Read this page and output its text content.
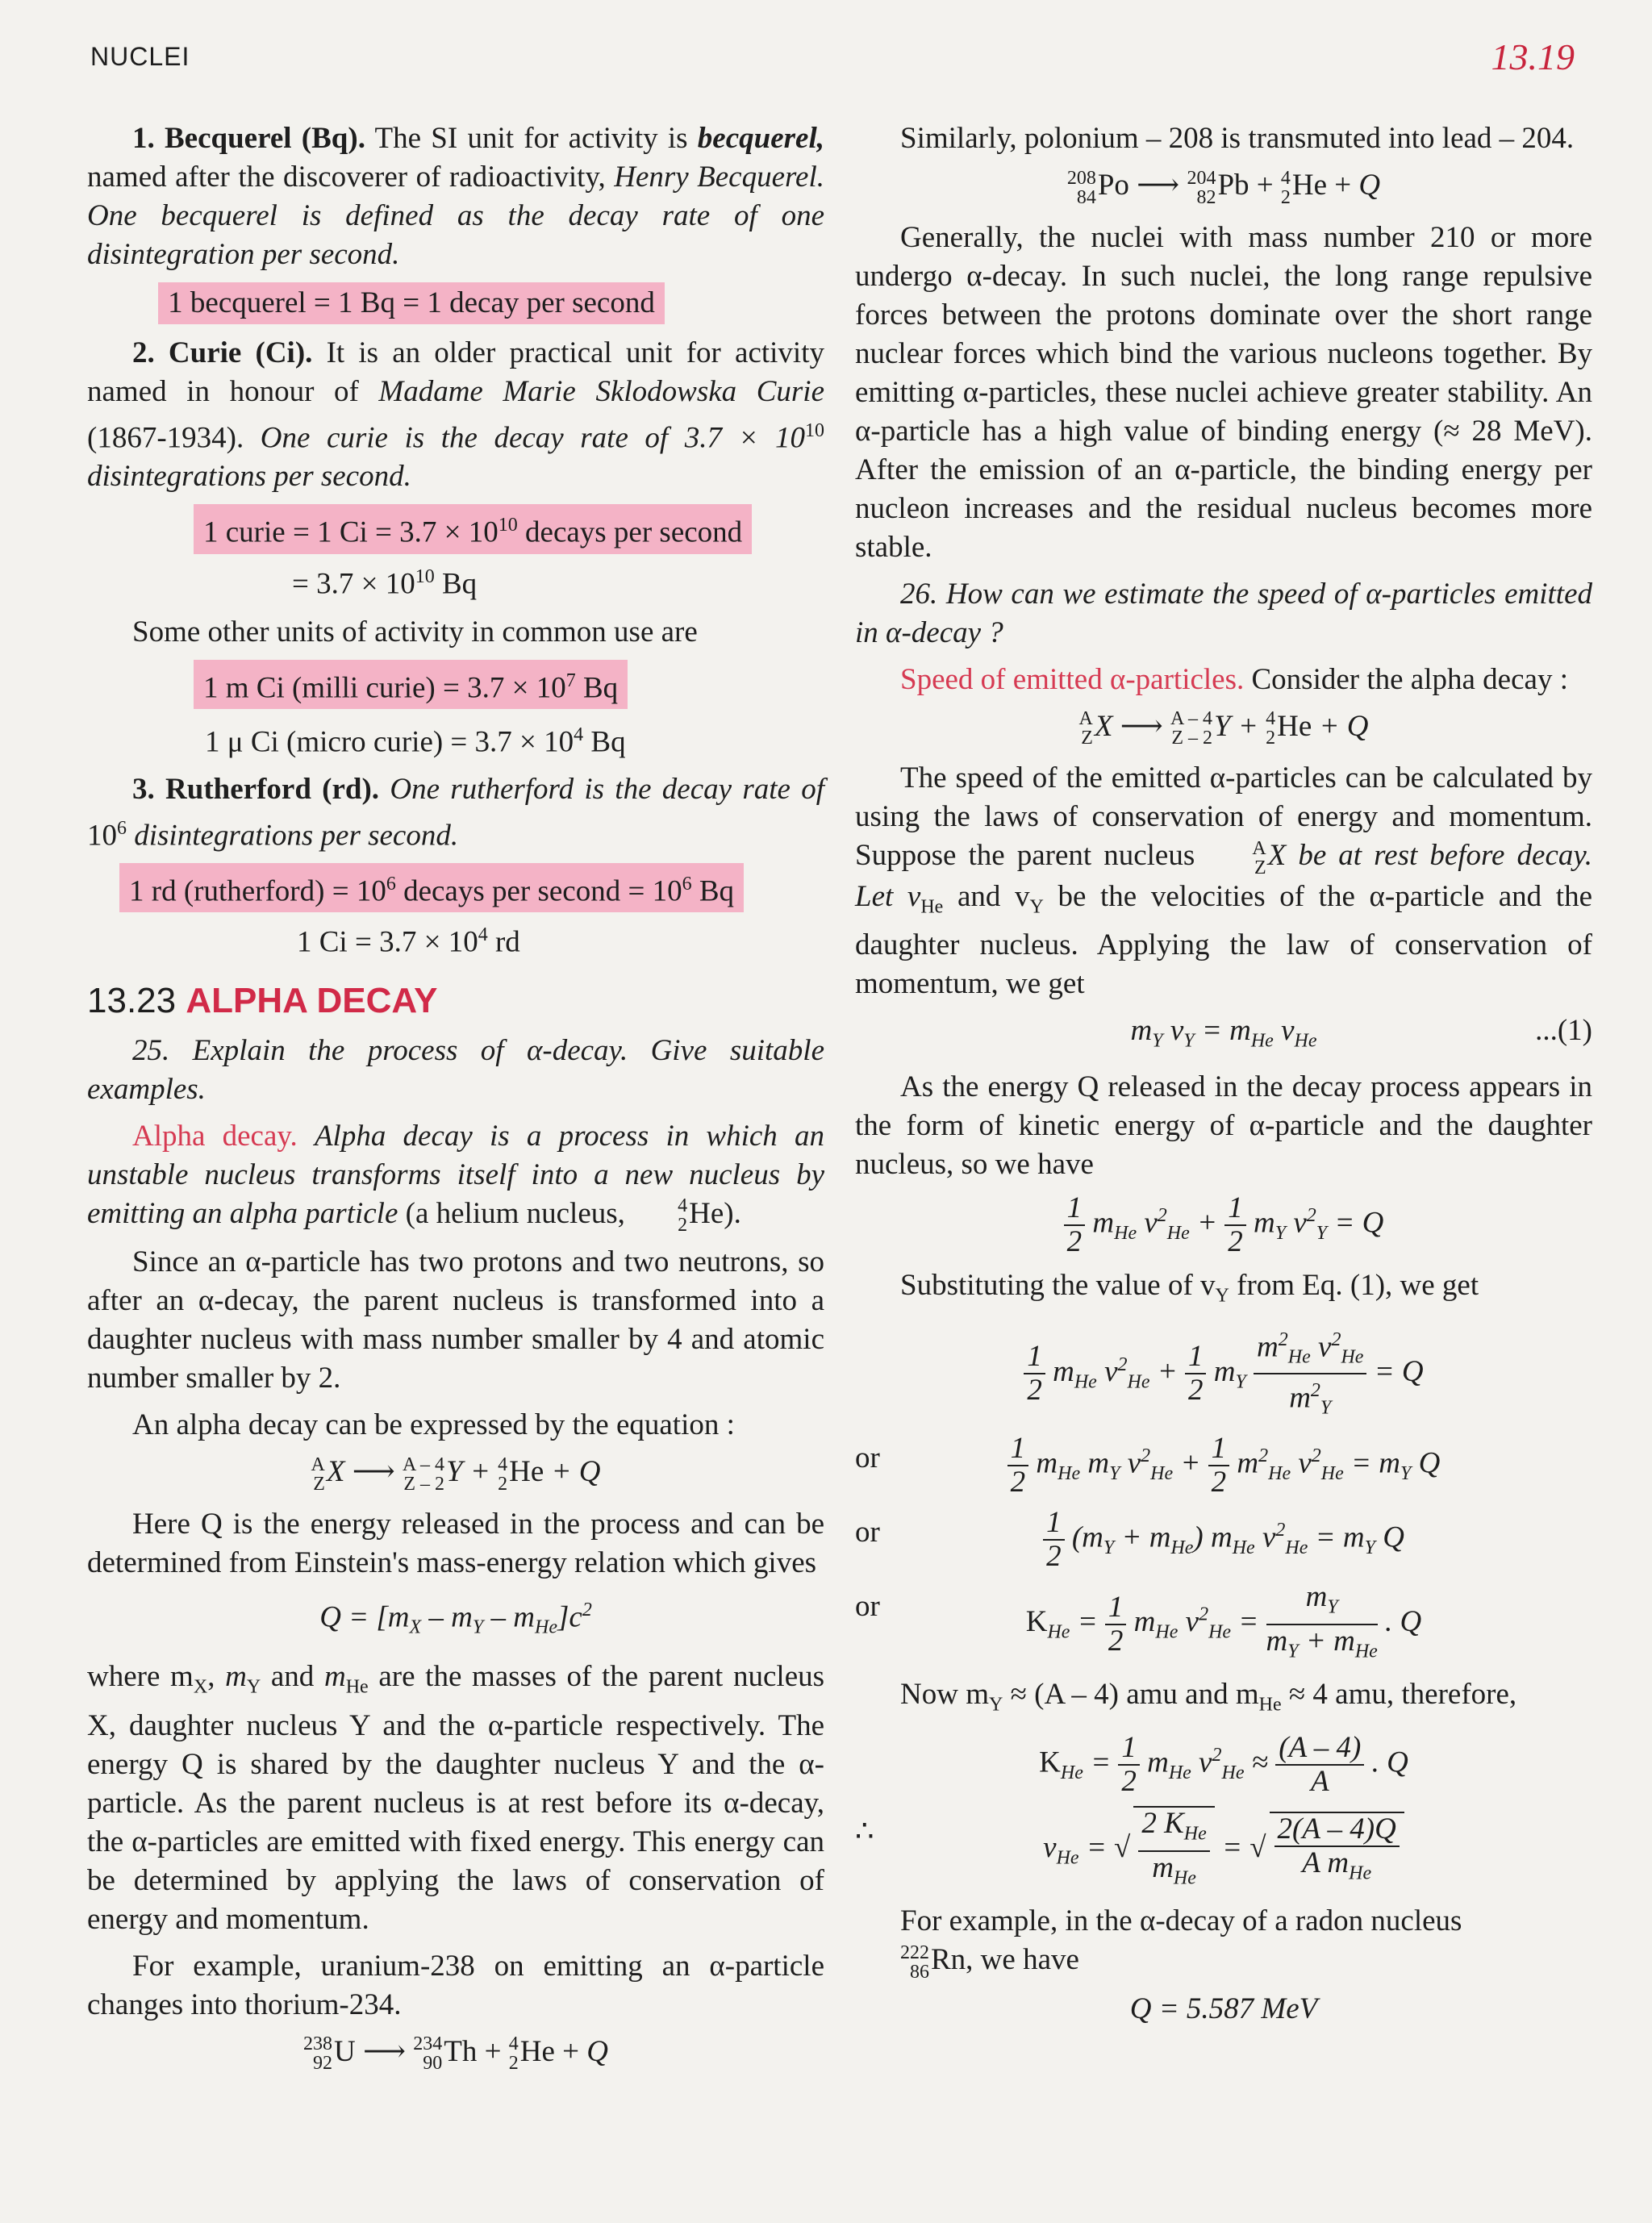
NUCLEI	13.19

1. Becquerel (Bq). The SI unit for activity is becquerel, named after the discoverer of radioactivity, Henry Becquerel. One becquerel is defined as the decay rate of one disintegration per second.

1 becquerel = 1 Bq = 1 decay per second

2. Curie (Ci). It is an older practical unit for activity named in honour of Madame Marie Sklodowska Curie (1867-1934). One curie is the decay rate of $3.7 \times 10^{10}$ disintegrations per second.

1 curie = 1 $Ci = 3.7 \times 10^{10}$ decays per second
= $3.7 \times 10^{10}$ Bq

Some other units of activity in common use are

1 m Ci (milli curie) = $3.7 \times 10^7$ Bq
1 μ Ci (micro curie) = $3.7 \times 10^4$ Bq

3. Rutherford (rd). One rutherford is the decay rate of $10^6$ disintegrations per second.

1 rd (rutherford) = $10^6$ decays per second = $10^6$ Bq
1 $Ci = 3.7 \times 10^4$ rd
13.23 ALPHA DECAY

25. Explain the process of α-decay. Give suitable examples.

Alpha decay. Alpha decay is a process in which an unstable nucleus transforms itself into a new nucleus by emitting an alpha particle (a helium nucleus,	4
2He).

Since an α-particle has two protons and two neutrons, so after an α-decay, the parent nucleus is transformed into a daughter nucleus with mass number smaller by 4 and atomic number smaller by 2.

An alpha decay can be expressed by the equation :

A
ZX ⟶ A – 4
Z – 2Y + 4
2He + Q

Here Q is the energy released in the process and can be determined from Einstein's mass-energy relation which gives

$Q = [m_X - m_Y - m_{He}]c^2$

where $m_X$, $m_Y$ and $m_{He}$ are the masses of the parent nucleus X, daughter nucleus Y and the α-particle respectively. The energy Q is shared by the daughter nucleus Y and the α-particle. As the parent nucleus is at rest before its α-decay, the α-particles are emitted with fixed energy. This energy can be determined by applying the laws of conservation of energy and momentum.

For example, uranium-238 on emitting an α-particle changes into thorium-234.

238
92U ⟶ 234
90Th + 4
2He + Q

Similarly, polonium – 208 is transmuted into lead – 204.

208
84Po ⟶ 204
82Pb + 4
2He + Q

Generally, the nuclei with mass number 210 or more undergo α-decay. In such nuclei, the long range repulsive forces between the protons dominate over the short range nuclear forces which bind the various nucleons together. By emitting α-particles, these nuclei achieve greater stability. An α-particle has a high value of binding energy (≈ 28 MeV). After the emission of an α-particle, the binding energy per nucleon increases and the residual nucleus becomes more stable.

26. How can we estimate the speed of α-particles emitted in α-decay ?

Speed of emitted α-particles. Consider the alpha decay :

A
ZX ⟶ A – 4
Z – 2Y + 4
2He + Q

The speed of the emitted α-particles can be calculated by using the laws of conservation of energy and momentum. Suppose the parent nucleus	A
ZX be at rest before decay. Let $v_{He}$ and $v_Y$ be the velocities of the α-particle and the daughter nucleus. Applying the law of conservation of momentum, we get

$m_Y$ $v_Y = m_{He}$ $v_{He}$	...(1)

As the energy Q released in the decay process appears in the form of kinetic energy of α-particle and the daughter nucleus, so we have

$\frac{1}{2} m_{He}$ $v^2_{He} + \frac{1}{2} m_Y$ $v^2_Y = Q$

Substituting the value of $v_Y$ from Eq. (1), we get

$\frac{1}{2} m_{He}$ $v^2_{He} + \frac{1}{2} m_Y \frac{m^2_{He} v^2_{He}}{m^2_Y} = Q$
or	$\frac{1}{2} m_{He}$ $m_Y$ $v^2_{He} + \frac{1}{2} m^2_{He}$ $v^2_{He} = m_Y$ Q
or	$\frac{1}{2} (m_Y + m_{He})$ $m_{He}$ $v^2_{He} = m_Y$ Q
or	$K_{He} = \frac{1}{2} m_{He}$ $v^2_{He} = \frac{m_Y}{m_Y + m_{He}}$ . Q

Now $m_Y \approx (A - 4)$ amu and $m_{He} \approx 4$ amu, therefore,

$K_{He} = \frac{1}{2} m_{He}$ $v^2_{He} \approx \frac{(A - 4)}{A}$ . Q
∴	$v_{He}$ = √ $\frac{2 K_{He}}{m_{He}}$ = √ $\frac{2(A - 4)Q}{A m_{He}}$

For example, in the α-decay of a radon nucleus
222
86Rn, we have

Q = 5.587 MeV
